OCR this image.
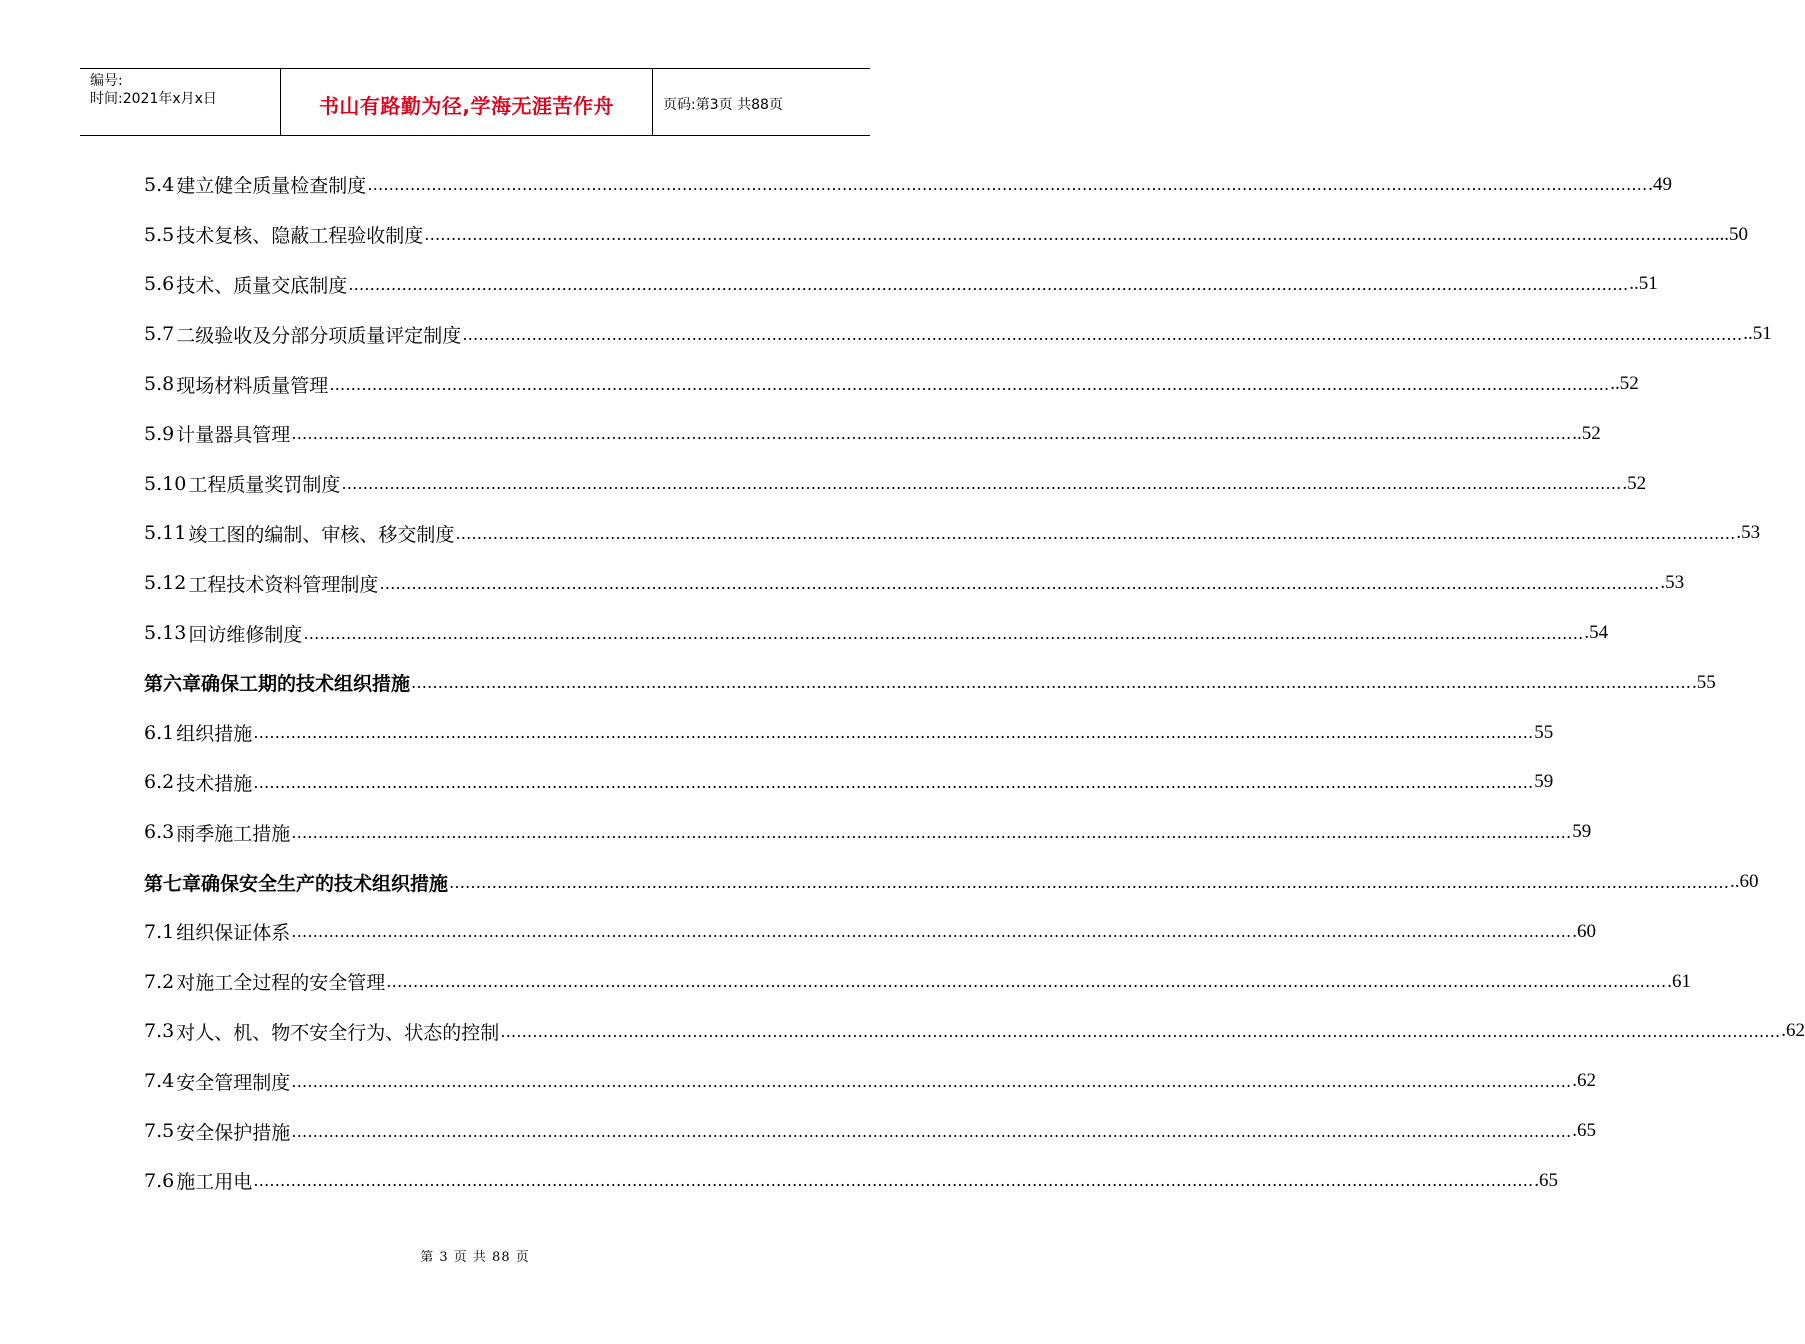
编号:
时间:2021年x月x日	书山有路勤为径,学海无涯苦作舟	页码:第3页 共88页
5.4 建立健全质量检查制度 …………………………………………………………………………………………………………………………………………………………………………………………………………………… .49
5.5 技术复核、隐蔽工程验收制度 …………………………………………………………………………………………………………………………………………………………………………………………………………………… .....50
5.6 技术、质量交底制度 …………………………………………………………………………………………………………………………………………………………………………………………………………………… ..51
5.7 二级验收及分部分项质量评定制度 …………………………………………………………………………………………………………………………………………………………………………………………………………………… ..51
5.8 现场材料质量管理 …………………………………………………………………………………………………………………………………………………………………………………………………………………… ..52
5.9 计量器具管理 …………………………………………………………………………………………………………………………………………………………………………………………………………………… ..52
5.10 工程质量奖罚制度 …………………………………………………………………………………………………………………………………………………………………………………………………………………… .52
5.11 竣工图的编制、审核、移交制度 …………………………………………………………………………………………………………………………………………………………………………………………………………………… .53
5.12 工程技术资料管理制度 …………………………………………………………………………………………………………………………………………………………………………………………………………………… .53
5.13 回访维修制度 …………………………………………………………………………………………………………………………………………………………………………………………………………………… .54
第六章 确保工期的技术组织措施 …………………………………………………………………………………………………………………………………………………………………………………………………………………… .55
6.1 组织措施 …………………………………………………………………………………………………………………………………………………………………………………………………………………… 55
6.2 技术措施 …………………………………………………………………………………………………………………………………………………………………………………………………………………… 59
6.3 雨季施工措施 …………………………………………………………………………………………………………………………………………………………………………………………………………………… 59
第七章 确保安全生产的技术组织措施 …………………………………………………………………………………………………………………………………………………………………………………………………………………… ..60
7.1 组织保证体系 …………………………………………………………………………………………………………………………………………………………………………………………………………………… .60
7.2 对施工全过程的安全管理 …………………………………………………………………………………………………………………………………………………………………………………………………………………… .61
7.3 对人、机、物不安全行为、状态的控制 …………………………………………………………………………………………………………………………………………………………………………………………………………………… .62
7.4 安全管理制度 …………………………………………………………………………………………………………………………………………………………………………………………………………………… .62
7.5 安全保护措施 …………………………………………………………………………………………………………………………………………………………………………………………………………………… .65
7.6 施工用电 …………………………………………………………………………………………………………………………………………………………………………………………………………………… .65
第 3 页 共 88 页
